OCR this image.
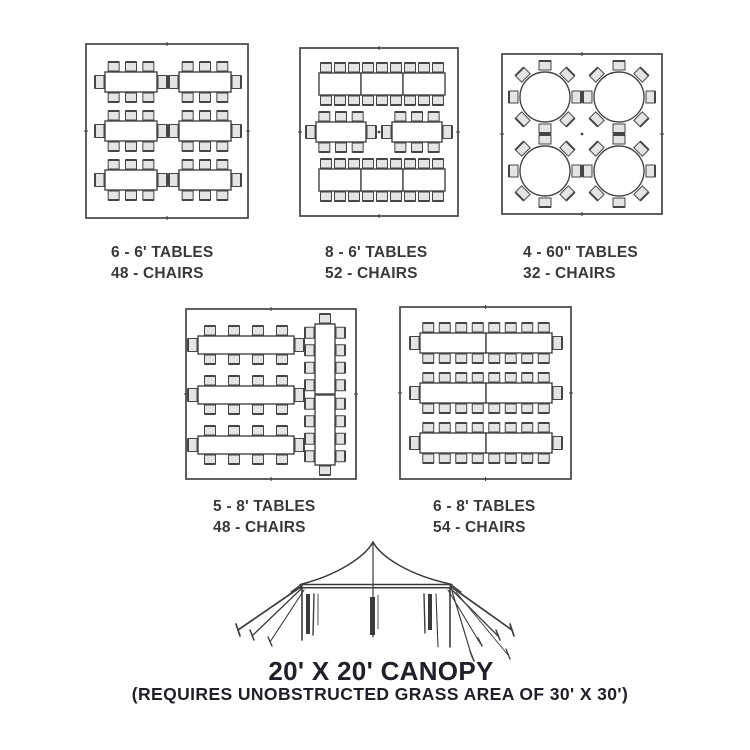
6 - 6' TABLES
48 - CHAIRS
8 - 6' TABLES
52 - CHAIRS
4 - 60" TABLES
32 - CHAIRS
5 - 8' TABLES
48 - CHAIRS
6 - 8' TABLES
54 - CHAIRS
20' X 20' CANOPY
(REQUIRES UNOBSTRUCTED GRASS AREA OF 30' X 30')
